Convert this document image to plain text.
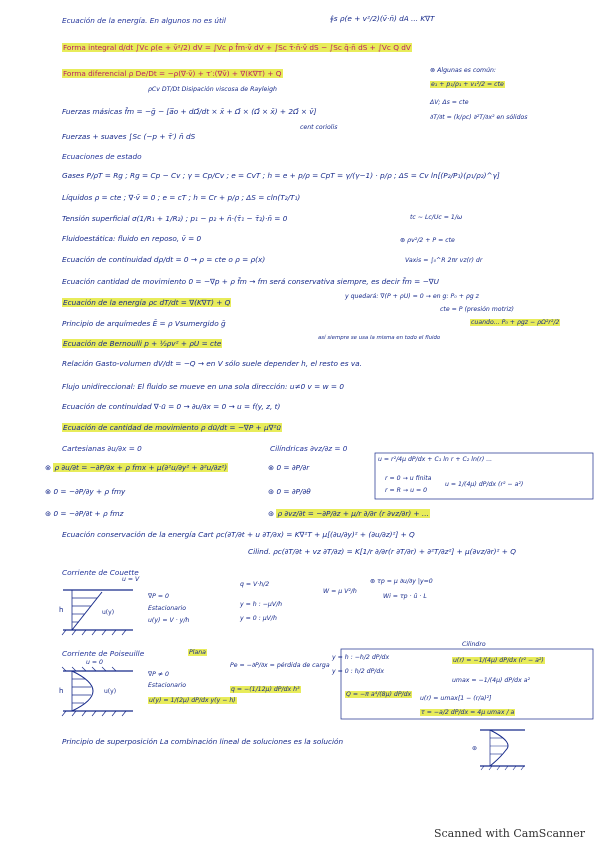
Ecuación de la energía. En algunos no es útil	∮s ρ(e + v²/2)(v̄·n̄) dA ... K∇T
Forma integral d/dt ∫Vc ρ(e + v̄²/2) dV = ∫Vc ρ f̄m·v̄ dV + ∫Sc τ̄·n̄·v̄ dS − ∫Sc q̄·n̄ dS + ∫Vc Q dV
Forma diferencial ρ De/Dt = −ρ(∇·v̄) + τ′:(∇v̄) + ∇(K∇T) + Q
ρCv DT/Dt Disipación viscosa de Rayleigh
⊗ Algunas es común:
e₁ + p₁/ρ₁ + v₁²/2 = cte
ΔV; Δs = cte
∂T/∂t = (k/ρc) ∂²T/∂x² en sólidos
Fuerzas másicas f̄m = −ḡ − [a̅o + dΩ̄/dt × x̄ + Ω̄ × (Ω̄ × x̄) + 2Ω̄ × v̄]
cent coriolis
Fuerzas + suaves ∫Sc (−p + τ̄′) n̄ dS
Ecuaciones de estado
Gases P/ρT = Rg ; Rg = Cp − Cv ; γ = Cp/Cv ; e = CvT ; h = e + p/ρ = CpT = γ/(γ−1) · p/ρ ; ΔS = Cv ln[(P₂/P₁)(ρ₁/ρ₂)^γ]
Líquidos ρ = cte ; ∇·v̄ = 0 ; e = cT ; h = Cr + p/ρ ; ΔS = cln(T₂/T₁)
Tensión superficial σ(1/R₁ + 1/R₂) ; p₁ − p₂ + n̄·(τ̄₁ − τ̄₂)·n̄ = 0	tc ∼ Lc/Uc = 1/ω
Fluidoestática: fluido en reposo, v̄ = 0	⊛ ρv²/2 + P = cte
Ecuación de continuidad dρ/dt = 0 → ρ = cte o ρ = ρ(x)	Vaxis = ∫₀^R 2πr vz(r) dr
Ecuación cantidad de movimiento 0 = −∇p + ρ f̄m → fm será conservativa siempre, es decir f̄m = −∇U
y quedará: ∇(P + ρU) = 0 → en g: P₀ + ρg z
Ecuación de la energía ρc dT/dt = ∇(K∇T) + Q
cte = P (presión motriz)
Principio de arquímedes Ē = ρ Vsumergido ḡ	cuando... P₀ + ρgz − ρΩ²r²/2
Ecuación de Bernoulli p + ½ρv² + ρU = cte
así siempre se usa la misma en todo el fluido
Relación Gasto-volumen dV/dt = −Q → en V sólo suele depender h, el resto es va.
Flujo unidireccional: El fluido se mueve en una sola dirección: u≠0 v = w = 0
Ecuación de continuidad ∇·ū = 0 → ∂u/∂x = 0 → u = f(y, z, t)
Ecuación de cantidad de movimiento ρ dū/dt = −∇P + μ∇²ū
Cartesianas ∂u/∂x = 0	Cilíndricas ∂vz/∂z = 0
⊗ ρ ∂u/∂t = −∂P/∂x + ρ fmx + μ(∂²u/∂y² + ∂²u/∂z²)
⊗ 0 = −∂P/∂y + ρ fmy
⊛ 0 = −∂P/∂t + ρ fmz
⊗ 0 = ∂P/∂r
⊛ 0 = ∂P/∂θ
⊛ ρ ∂vz/∂t = −∂P/∂z + μ/r ∂/∂r (r ∂vz/∂r) + ...
u = r²/4μ dP/dx + C₁ ln r + C₂ ln(r) ...
r = 0 → u finita
r = R → u = 0
u = 1/(4μ) dP/dx (r² − a²)
Ecuación conservación de la energía Cart ρc(∂T/∂t + u ∂T/∂x) = K∇²T + μ[(∂u/∂y)² + (∂u/∂z)²] + Q
Cilind. ρc(∂T/∂t + vz ∂T/∂z) = K[1/r ∂/∂r(r ∂T/∂r) + ∂²T/∂z²] + μ(∂vz/∂r)² + Q
Corriente de Couette
u = V
h	u(y)
∇P = 0
Estacionario
u(y) = V · y/h
q = V·h/2
y = h : −μV/h
y = 0 : μV/h
W = μ V²/h
⊛ τp = μ ∂u/∂y |y=0
Wi = τp · ū · L
Corriente de Poiseuille	Plana
u = 0
h	u(y)
∇P ≠ 0
Estacionario
Pe = −∂P/∂x = pérdida de carga
q = −(1/12μ) dP/dx h³
u(y) = 1/(2μ) dP/dx y(y − h)
y = h : −h/2 dP/dx
y = 0 : h/2 dP/dx
Cilindro
u(r) = −1/(4μ) dP/dx (r² − a²)
Q = −π a⁴/(8μ) dP/dx
umax = −1/(4μ) dP/dx a²
u(r) = umax[1 − (r/a)²]
τ = −a/2 dP/dx = 4μ umax / a
Principio de superposición La combinación lineal de soluciones es la solución
⊛
Scanned with CamScanner
